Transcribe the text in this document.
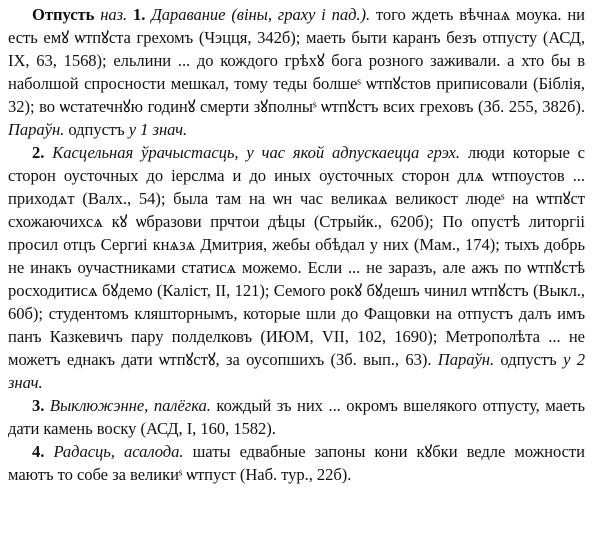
Отпусть наз. 1. Даравание (віны, граху і пад.). того ждеть вѣчнаѧ моука. ни есть емꙋ ѡтпꙋста грехомъ (Чэцця, 342б); маеть быти каранъ безъ отпусту (АСД, IX, 63, 1568); ельлини ... до кождого грѣхꙋ бога розного заживали. а хто бы в наболшой спросности мешкал, тому теды болшеˢ ѡтпꙋстов приписовали (Біблія, 32); во ѡстатечнꙋю годинꙋ смерти зꙋполныˢ ѡтпꙋстъ всих греховъ (Зб. 255, 382б). Параўн. одпустъ у 1 знач.

2. Касцельная ўрачыстасць, у час якой адпускаецца грэх. люди которые с сторон оусточных до іерслма и до иных оусточных сторон длѧ ѡтпоустов ... приходѧт (Валх., 54); была там на ѡн час великаѧ великост людеˢ на ѡтпꙋст схожаючихсѧ кꙋ ѡбразови прчтои дѣцы (Стрыйк., 620б); По опустѣ литоргіі просил отцъ Сергиі кнѧзѧ Дмитрия, жебы обѣдал у них (Мам., 174); тыхъ добрь не инакъ оучастниками статисѧ можемо. Если ... не заразъ, але ажъ по ѡтпꙋстѣ росходитисѧ бꙋдемо (Каліст, II, 121); Семого рокꙋ бꙋдешъ чинил ѡтпꙋстъ (Выкл., 60б); студентомъ кляшторнымъ, которые шли до Фащовки на отпустъ далъ имъ панъ Казкевичъ пару полделковъ (ИЮМ, VII, 102, 1690); Метрополѣта ... не можетъ еднакъ дати ѡтпꙋстꙋ, за оусопшихъ (Зб. вып., 63). Параўн. одпустъ у 2 знач.

3. Выклюжэнне, палёгка. кождый зъ них ... окромъ вшелякого отпусту, маеть дати камень воску (АСД, I, 160, 1582).

4. Радасць, асалода. шаты едвабные запоны кони кꙋбки ведле можности маютъ то собе за великиˢ ѡтпуст (Наб. тур., 22б).
